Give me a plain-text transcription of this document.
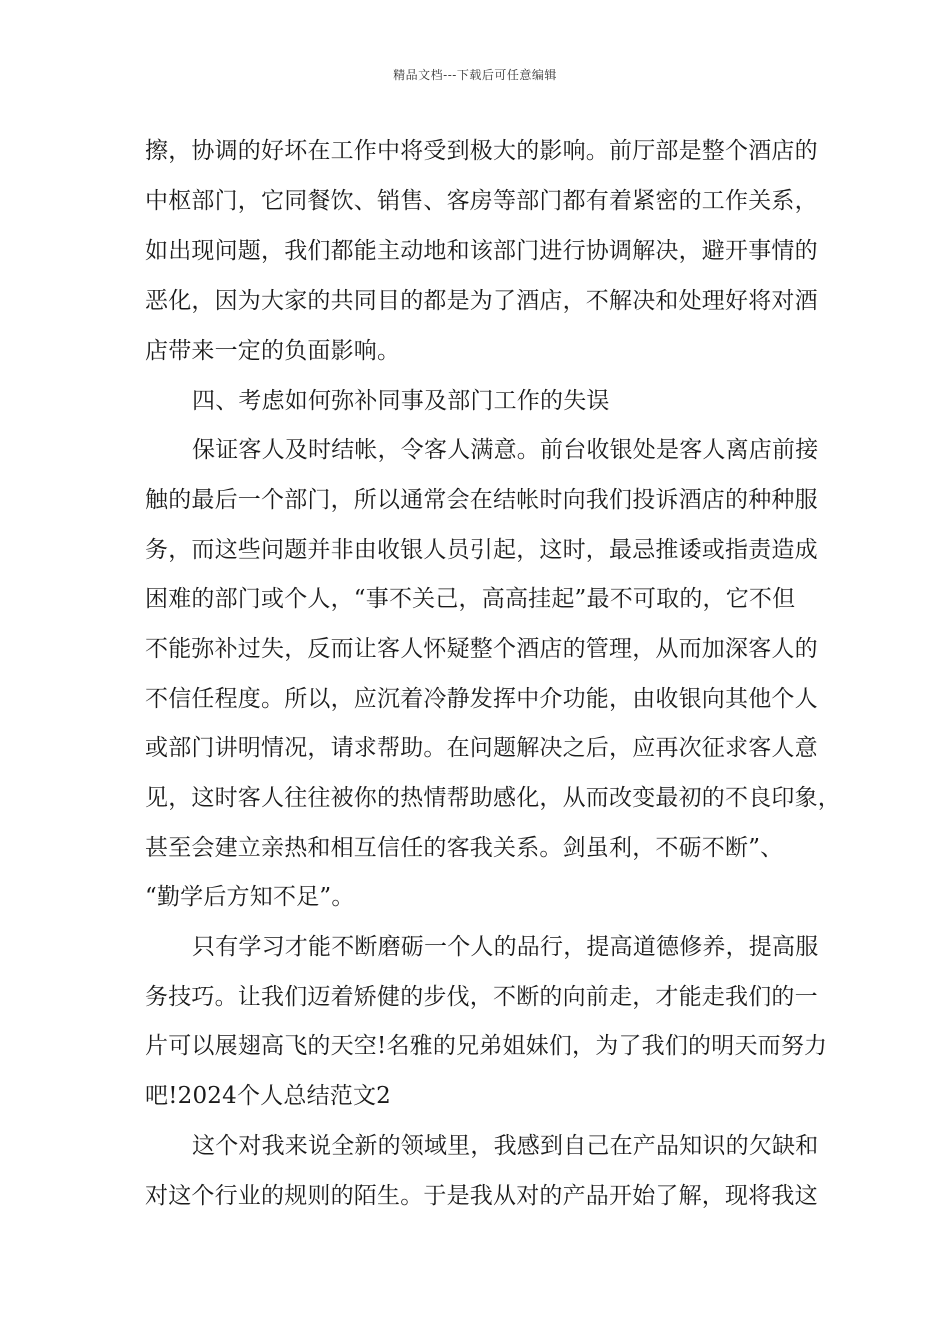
精品文档---下载后可任意编辑
擦，协调的好坏在工作中将受到极大的影响。前厅部是整个酒店的
中枢部门，它同餐饮、销售、客房等部门都有着紧密的工作关系，
如出现问题，我们都能主动地和该部门进行协调解决，避开事情的
恶化，因为大家的共同目的都是为了酒店，不解决和处理好将对酒
店带来一定的负面影响。
四、考虑如何弥补同事及部门工作的失误
保证客人及时结帐，令客人满意。前台收银处是客人离店前接
触的最后一个部门，所以通常会在结帐时向我们投诉酒店的种种服
务，而这些问题并非由收银人员引起，这时，最忌推诿或指责造成
困难的部门或个人，“事不关己，高高挂起”最不可取的，它不但
不能弥补过失，反而让客人怀疑整个酒店的管理，从而加深客人的
不信任程度。所以，应沉着冷静发挥中介功能，由收银向其他个人
或部门讲明情况，请求帮助。在问题解决之后，应再次征求客人意
见，这时客人往往被你的热情帮助感化，从而改变最初的不良印象，
甚至会建立亲热和相互信任的客我关系。剑虽利，不砺不断”、
“勤学后方知不足”。
只有学习才能不断磨砺一个人的品行，提高道德修养，提高服
务技巧。让我们迈着矫健的步伐，不断的向前走，才能走我们的一
片可以展翅高飞的天空!名雅的兄弟姐妹们，为了我们的明天而努力
吧!2024个人总结范文2
这个对我来说全新的领域里，我感到自己在产品知识的欠缺和
对这个行业的规则的陌生。于是我从对的产品开始了解，现将我这
